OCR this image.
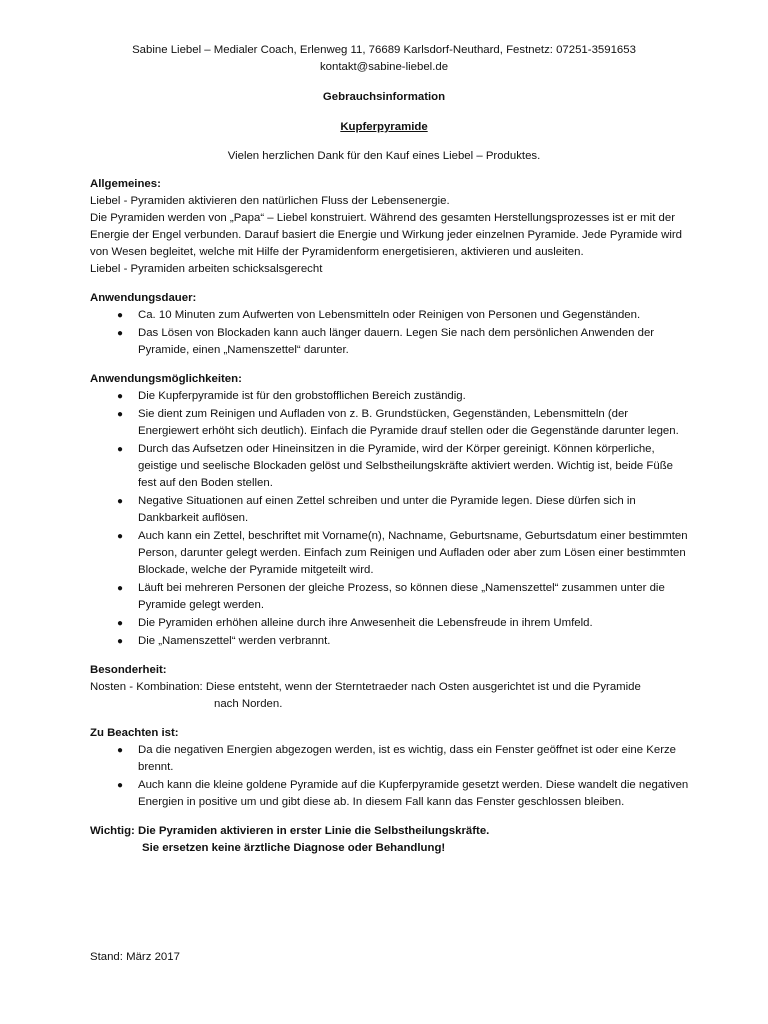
Sabine Liebel – Medialer Coach, Erlenweg 11, 76689 Karlsdorf-Neuthard, Festnetz: 07251-3591653
kontakt@sabine-liebel.de
Gebrauchsinformation
Kupferpyramide
Vielen herzlichen Dank für den Kauf eines Liebel – Produktes.
Allgemeines:

Liebel - Pyramiden aktivieren den natürlichen Fluss der Lebensenergie.

Die Pyramiden werden von „Papa“ – Liebel konstruiert. Während des gesamten Herstellungsprozesses ist er mit der Energie der Engel verbunden. Darauf basiert die Energie und Wirkung jeder einzelnen Pyramide. Jede Pyramide wird von Wesen begleitet, welche mit Hilfe der Pyramidenform energetisieren, aktivieren und ausleiten.

Liebel - Pyramiden arbeiten schicksalsgerecht

Anwendungsdauer:
● Ca. 10 Minuten zum Aufwerten von Lebensmitteln oder Reinigen von Personen und Gegenständen.
● Das Lösen von Blockaden kann auch länger dauern. Legen Sie nach dem persönlichen Anwenden der Pyramide, einen „Namenszettel“ darunter.
Anwendungsmöglichkeiten:
● Die Kupferpyramide ist für den grobstofflichen Bereich zuständig.
● Sie dient zum Reinigen und Aufladen von z. B. Grundstücken, Gegenständen, Lebensmitteln (der Energiewert erhöht sich deutlich). Einfach die Pyramide drauf stellen oder die Gegenstände darunter legen.
● Durch das Aufsetzen oder Hineinsitzen in die Pyramide, wird der Körper gereinigt. Können körperliche, geistige und seelische Blockaden gelöst und Selbstheilungskräfte aktiviert werden. Wichtig ist, beide Füße fest auf den Boden stellen.
● Negative Situationen auf einen Zettel schreiben und unter die Pyramide legen. Diese dürfen sich in Dankbarkeit auflösen.
● Auch kann ein Zettel, beschriftet mit Vorname(n), Nachname, Geburtsname, Geburtsdatum einer bestimmten Person, darunter gelegt werden. Einfach zum Reinigen und Aufladen oder aber zum Lösen einer bestimmten Blockade, welche der Pyramide mitgeteilt wird.
● Läuft bei mehreren Personen der gleiche Prozess, so können diese „Namenszettel“ zusammen unter die Pyramide gelegt werden.
● Die Pyramiden erhöhen alleine durch ihre Anwesenheit die Lebensfreude in ihrem Umfeld.
● Die „Namenszettel“ werden verbrannt.
Besonderheit:
Nosten - Kombination: Diese entsteht, wenn der Sterntetraeder nach Osten ausgerichtet ist und die Pyramide
nach Norden.
Zu Beachten ist:
● Da die negativen Energien abgezogen werden, ist es wichtig, dass ein Fenster geöffnet ist oder eine Kerze brennt.
● Auch kann die kleine goldene Pyramide auf die Kupferpyramide gesetzt werden. Diese wandelt die negativen Energien in positive um und gibt diese ab. In diesem Fall kann das Fenster geschlossen bleiben.
Wichtig: Die Pyramiden aktivieren in erster Linie die Selbstheilungskräfte.
Sie ersetzen keine ärztliche Diagnose oder Behandlung!
Stand: März 2017
